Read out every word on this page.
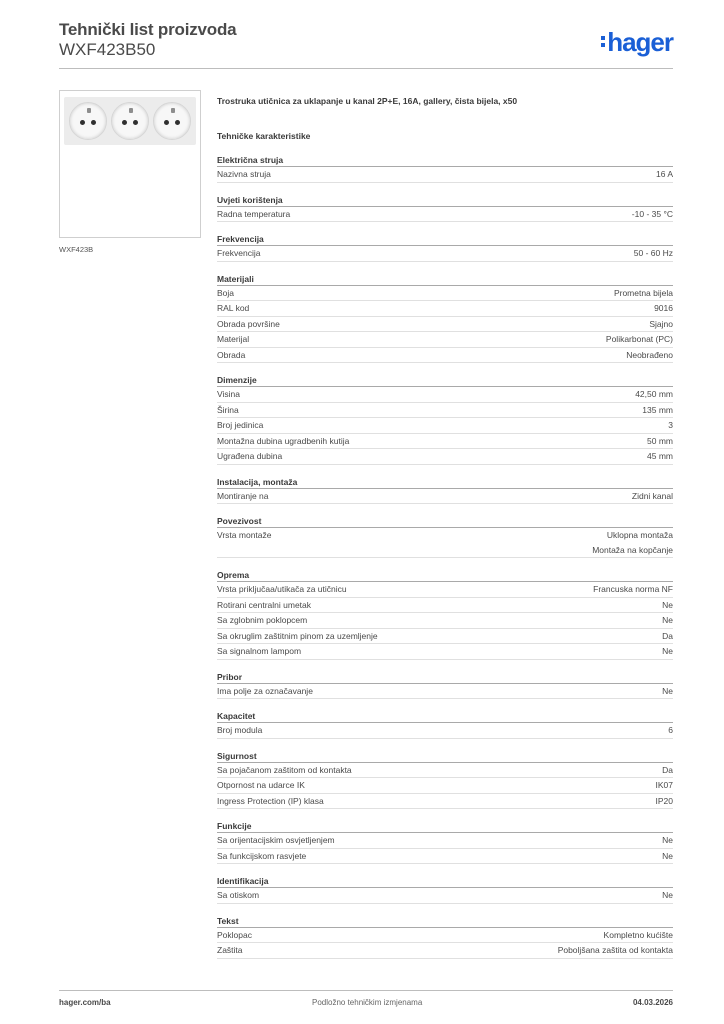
Tehnički list proizvoda
WXF423B50	hager
WXF423B
Trostruka utičnica za uklapanje u kanal 2P+E, 16A, gallery, čista bijela, x50
Tehničke karakteristike
Električna struja
Nazivna struja	16 A
Uvjeti korištenja
Radna temperatura	-10 - 35 °C
Frekvencija
Frekvencija	50 - 60 Hz
Materijali
Boja	Prometna bijela
RAL kod	9016
Obrada površine	Sjajno
Materijal	Polikarbonat (PC)
Obrada	Neobrađeno
Dimenzije
Visina	42,50 mm
Širina	135 mm
Broj jedinica	3
Montažna dubina ugradbenih kutija	50 mm
Ugrađena dubina	45 mm
Instalacija, montaža
Montiranje na	Zidni kanal
Povezivost
Vrsta montaže	Uklopna montaža
Montaža na kopčanje
Oprema
Vrsta priključaa/utikača za utičnicu	Francuska norma NF
Rotirani centralni umetak	Ne
Sa zglobnim poklopcem	Ne
Sa okruglim zaštitnim pinom za uzemljenje	Da
Sa signalnom lampom	Ne
Pribor
Ima polje za označavanje	Ne
Kapacitet
Broj modula	6
Sigurnost
Sa pojačanom zaštitom od kontakta	Da
Otpornost na udarce IK	IK07
Ingress Protection (IP) klasa	IP20
Funkcije
Sa orijentacijskim osvjetljenjem	Ne
Sa funkcijskom rasvjete	Ne
Identifikacija
Sa otiskom	Ne
Tekst
Poklopac	Kompletno kućište
Zaštita	Poboljšana zaštita od kontakta
hager.com/ba	Podložno tehničkim izmjenama	04.03.2026
